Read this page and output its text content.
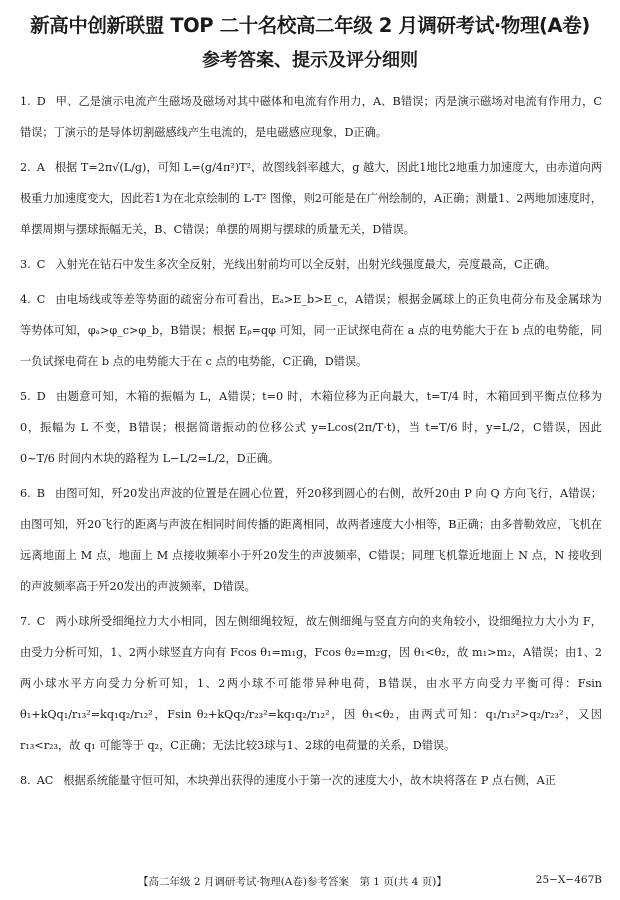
新高中创新联盟 TOP 二十名校高二年级 2 月调研考试·物理(A卷)
参考答案、提示及评分细则

1. D 甲、乙是演示电流产生磁场及磁场对其中磁体和电流有作用力，A、B错误；丙是演示磁场对电流有作用力，C错误；丁演示的是导体切割磁感线产生电流的，是电磁感应现象，D正确。

2. A 根据 T=2π√(L/g)，可知 L=(g/4π²)T²，故图线斜率越大，g 越大，因此1地比2地重力加速度大，由赤道向两极重力加速度变大，因此若1为在北京绘制的 L-T² 图像，则2可能是在广州绘制的，A正确；测量1、2两地加速度时，单摆周期与摆球振幅无关，B、C错误；单摆的周期与摆球的质量无关，D错误。

3. C 入射光在钻石中发生多次全反射，光线出射前均可以全反射，出射光线强度最大，亮度最高，C正确。

4. C 由电场线或等差等势面的疏密分布可看出，Eₐ>E_b>E_c，A错误；根据金属球上的正负电荷分布及金属球为等势体可知，φₐ>φ_c>φ_b，B错误；根据 Eₚ=qφ 可知，同一正试探电荷在 a 点的电势能大于在 b 点的电势能，同一负试探电荷在 b 点的电势能大于在 c 点的电势能，C正确，D错误。

5. D 由题意可知，木箱的振幅为 L，A错误；t=0 时，木箱位移为正向最大，t=T/4 时，木箱回到平衡点位移为 0，振幅为 L 不变，B错误；根据简谐振动的位移公式 y=Lcos(2π/T·t)，当 t=T/6 时，y=L/2，C错误，因此 0~T/6 时间内木块的路程为 L−L/2=L/2，D正确。

6. B 由图可知，歼20发出声波的位置是在圆心位置，歼20移到圆心的右侧，故歼20由 P 向 Q 方向飞行，A错误；由图可知，歼20飞行的距离与声波在相同时间传播的距离相同，故两者速度大小相等，B正确；由多普勒效应，飞机在远离地面上 M 点，地面上 M 点接收频率小于歼20发生的声波频率，C错误；同理飞机靠近地面上 N 点，N 接收到的声波频率高于歼20发出的声波频率，D错误。

7. C 两小球所受细绳拉力大小相同，因左侧细绳较短，故左侧细绳与竖直方向的夹角较小，设细绳拉力大小为 F，由受力分析可知，1、2两小球竖直方向有 Fcos θ₁=m₁g，Fcos θ₂=m₂g，因 θ₁<θ₂，故 m₁>m₂，A错误；由1、2两小球水平方向受力分析可知，1、2两小球不可能带异种电荷，B错误，由水平方向受力平衡可得：Fsin θ₁+kQq₁/r₁₃²=kq₁q₂/r₁₂²，Fsin θ₂+kQq₂/r₂₃²=kq₁q₂/r₁₂²，因 θ₁<θ₂，由两式可知：q₁/r₁₃²>q₂/r₂₃²，又因 r₁₃<r₂₃，故 q₁ 可能等于 q₂，C正确；无法比较3球与1、2球的电荷量的关系，D错误。

8. AC 根据系统能量守恒可知，木块弹出获得的速度小于第一次的速度大小，故木块将落在 P 点右侧，A正

【高二年级 2 月调研考试·物理(A卷)参考答案　第 1 页(共 4 页)】	25−X−467B
